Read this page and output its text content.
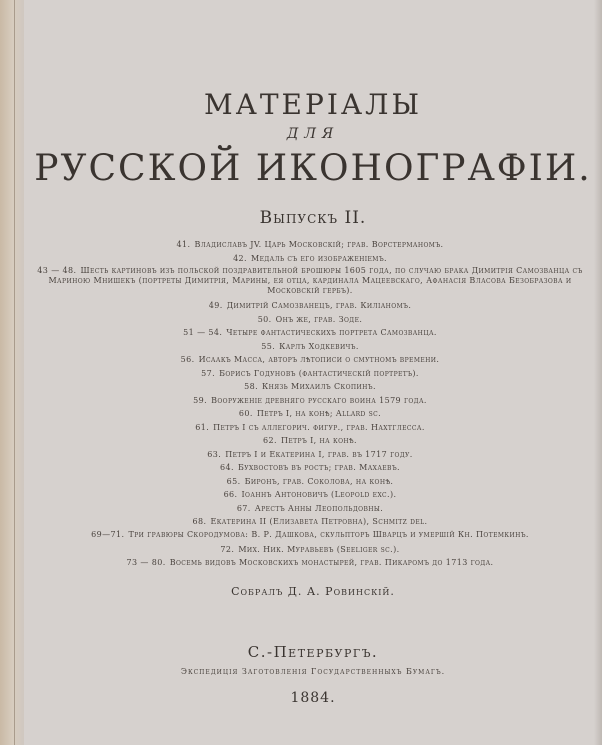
МАТЕРIАЛЫ
ДЛЯ
РУССКОЙ ИКОНОГРАФIИ.
Выпускъ II.
41. Владиславъ JV. Царь Московскiй; грав. Ворстерманомъ.
42. Медаль съ его изображенiемъ.
43 — 48. Шесть картиновъ изъ польской поздравительной брошюры 1605 года, по случаю брака Димитрiя Самозванца съ Мариною Мнишекъ (портреты Димитрiя, Марины, ея отца, кардинала Мацеевскаго, Афанасiя Власова Безобразова и Московскiй гербъ).
49. Димитрiй Самозванецъ, грав. Килiаномъ.
50. Онъ же, грав. Зоде.
51 — 54. Четыре фантастическихъ портрета Самозванца.
55. Карлъ Ходкевичъ.
56. Исаакъ Масса, авторъ лѣтописи о смутномъ времени.
57. Борисъ Годуновъ (фантастическiй портретъ).
58. Князь Михаилъ Скопинъ.
59. Вооруженiе древняго русскаго воина 1579 года.
60. Петръ I, на конѣ; Allard sc.
61. Петръ I съ аллегорич. фигур., грав. Нахтглесса.
62. Петръ I, на конѣ.
63. Петръ I и Екатерина I, грав. въ 1717 году.
64. Бухвостовъ въ ростъ; грав. Махаевъ.
65. Биронъ, грав. Соколова, на конѣ.
66. Iоаннъ Антоновичъ (Leopold exc.).
67. Арестъ Анны Леопольдовны.
68. Екатерина II (Елизавета Петровна), Schmitz del.
69—71. Три гравюры Скородумова: В. Р. Дашкова, скульпторъ Шварцъ и умершiй Кн. Потемкинъ.
72. Мих. Ник. Муравьевъ (Seeliger sc.).
73 — 80. Восемь видовъ Московскихъ монастырей, грав. Пикаромъ до 1713 года.
Собралъ Д. А. Ровинскiй.
С.-Петербургъ.
Экспедицiя Заготовленiя Государственныхъ Бумагъ.
1884.
